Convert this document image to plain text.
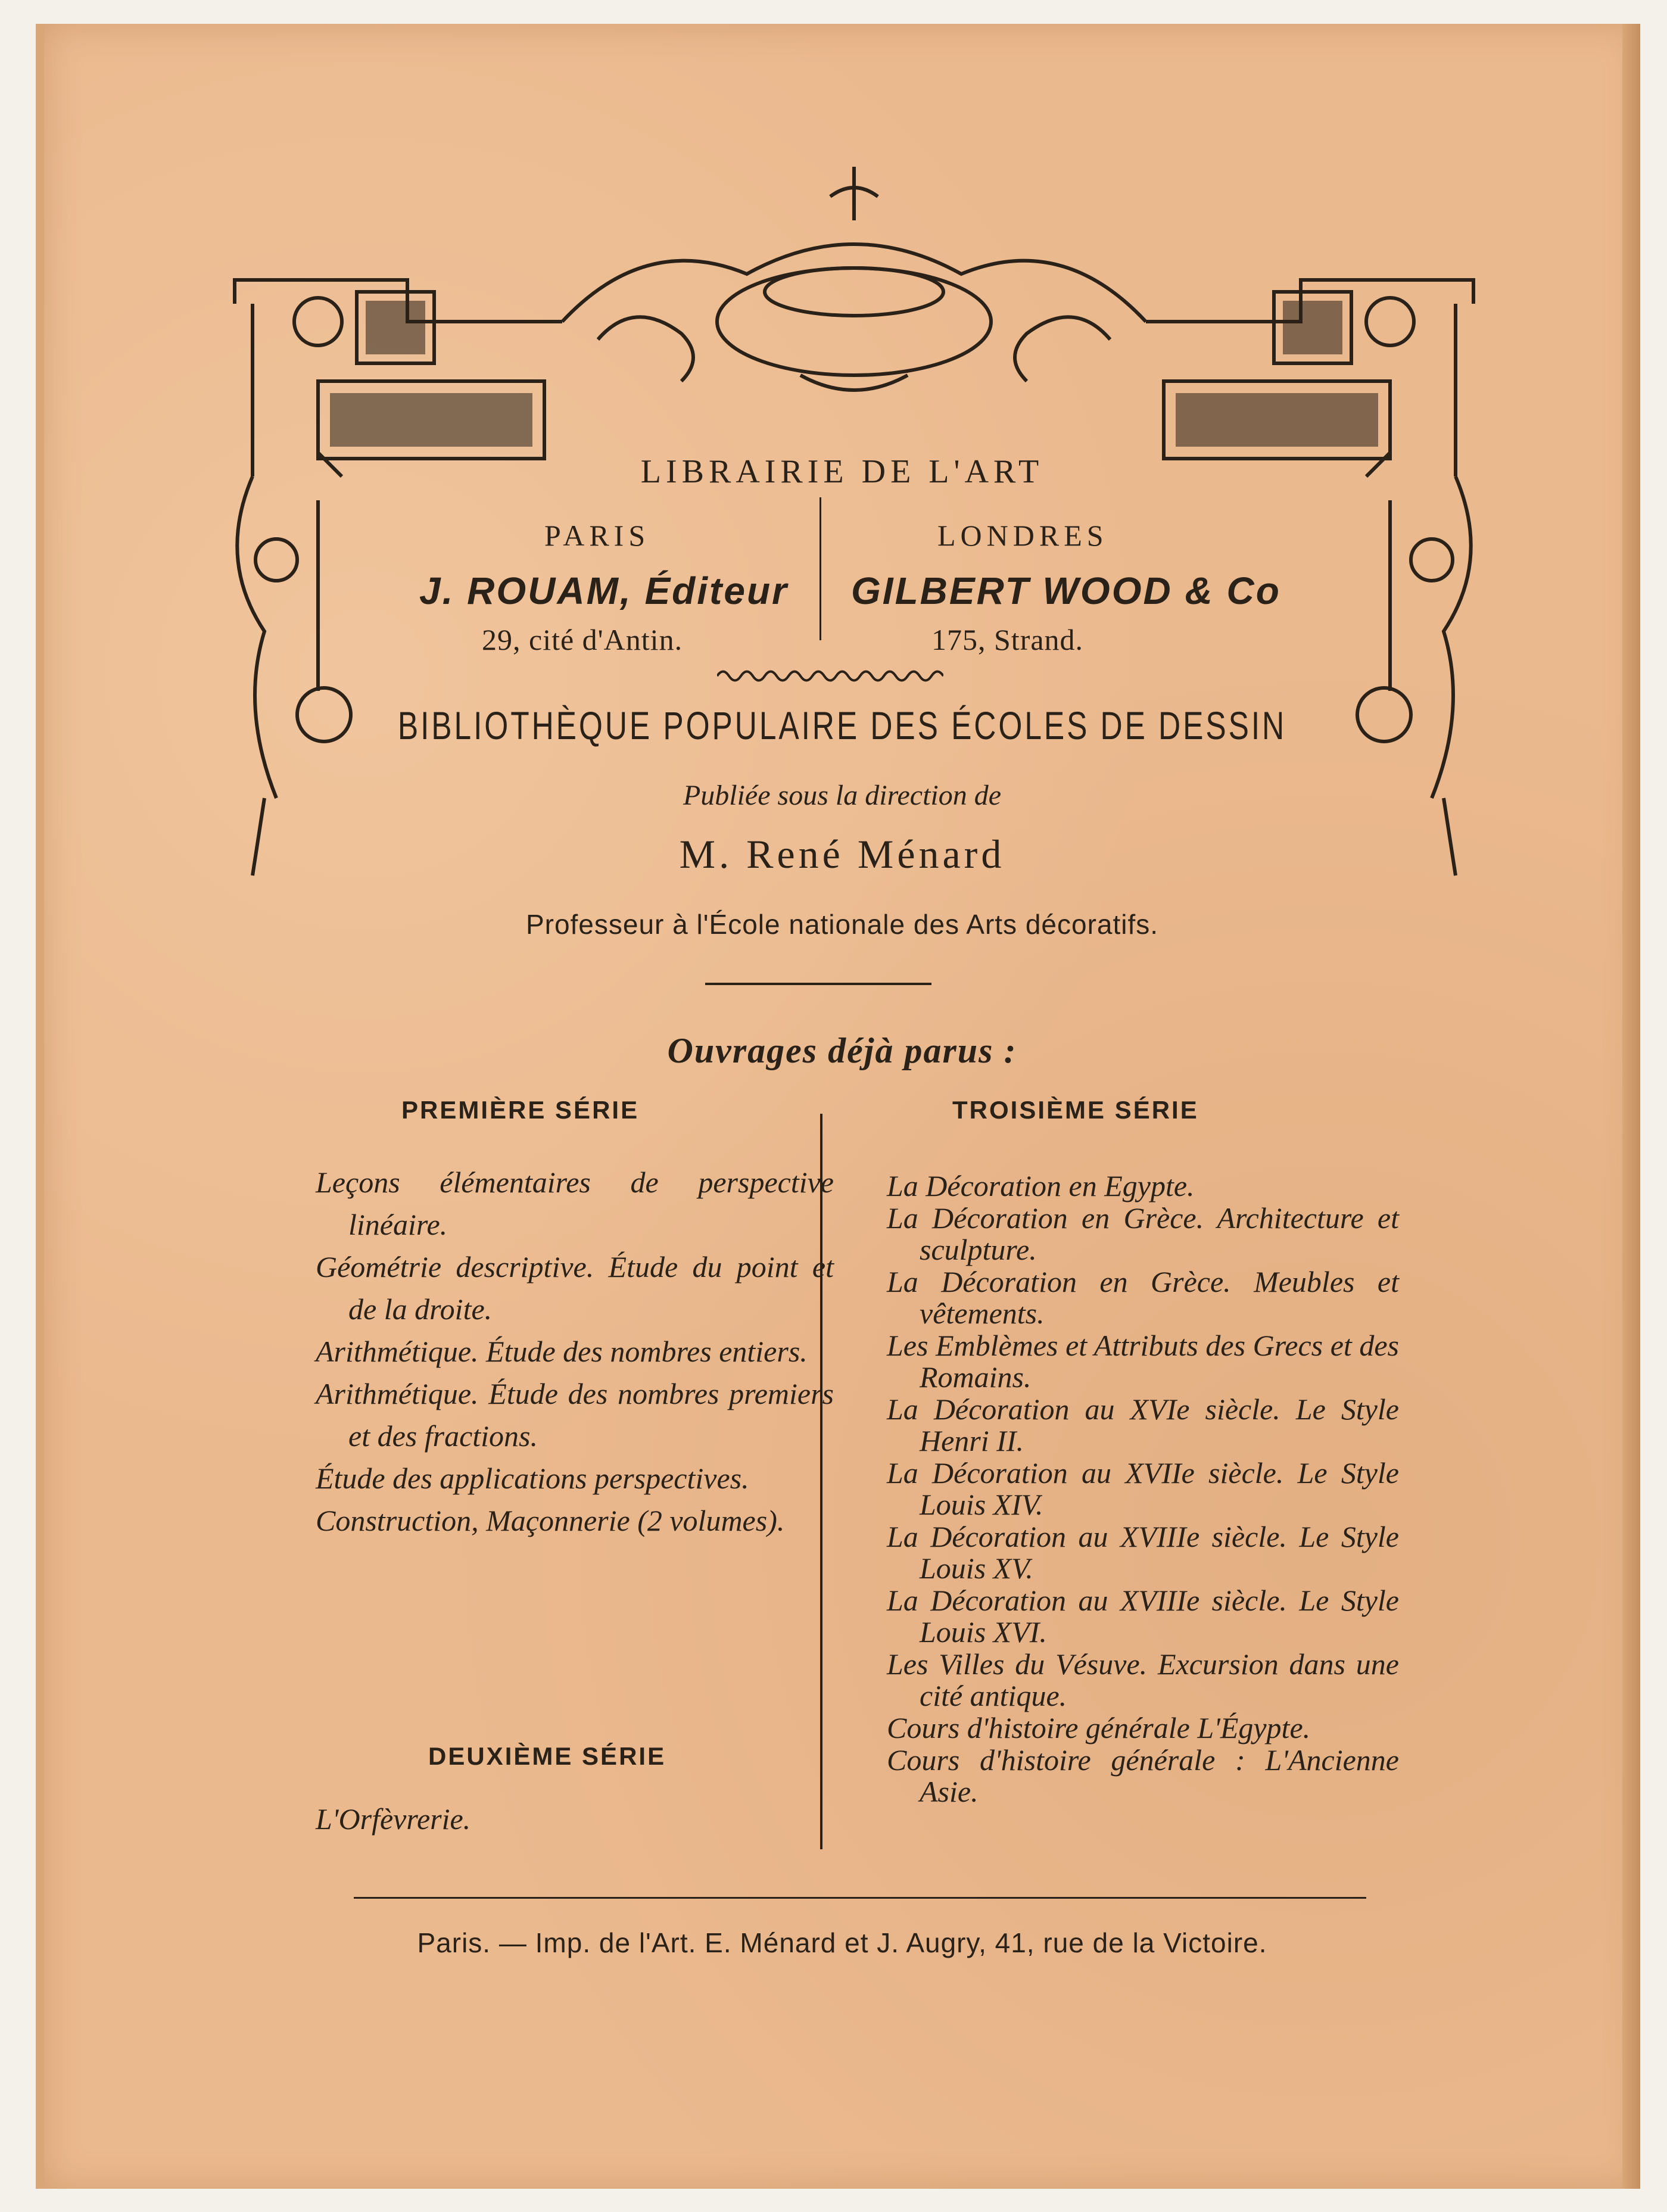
LIBRAIRIE DE L'ART
PARIS
J. ROUAM, Éditeur
29, cité d'Antin.
LONDRES
GILBERT WOOD & Co
175, Strand.
BIBLIOTHÈQUE POPULAIRE DES ÉCOLES DE DESSIN
Publiée sous la direction de
M. René Ménard
Professeur à l'École nationale des Arts décoratifs.
Ouvrages déjà parus :
PREMIÈRE SÉRIE	TROISIÈME SÉRIE
Leçons élémentaires de perspective linéaire.
Géométrie descriptive. Étude du point et de la droite.
Arithmétique. Étude des nombres entiers.
Arithmétique. Étude des nombres premiers et des fractions.
Étude des applications perspectives.
Construction, Maçonnerie (2 volumes).
DEUXIÈME SÉRIE
L'Orfèvrerie.
La Décoration en Egypte.
La Décoration en Grèce. Architecture et sculpture.
La Décoration en Grèce. Meubles et vêtements.
Les Emblèmes et Attributs des Grecs et des Romains.
La Décoration au XVIe siècle. Le Style Henri II.
La Décoration au XVIIe siècle. Le Style Louis XIV.
La Décoration au XVIIIe siècle. Le Style Louis XV.
La Décoration au XVIIIe siècle. Le Style Louis XVI.
Les Villes du Vésuve. Excursion dans une cité antique.
Cours d'histoire générale L'Égypte.
Cours d'histoire générale : L'Ancienne Asie.
Paris. — Imp. de l'Art. E. Ménard et J. Augry, 41, rue de la Victoire.
